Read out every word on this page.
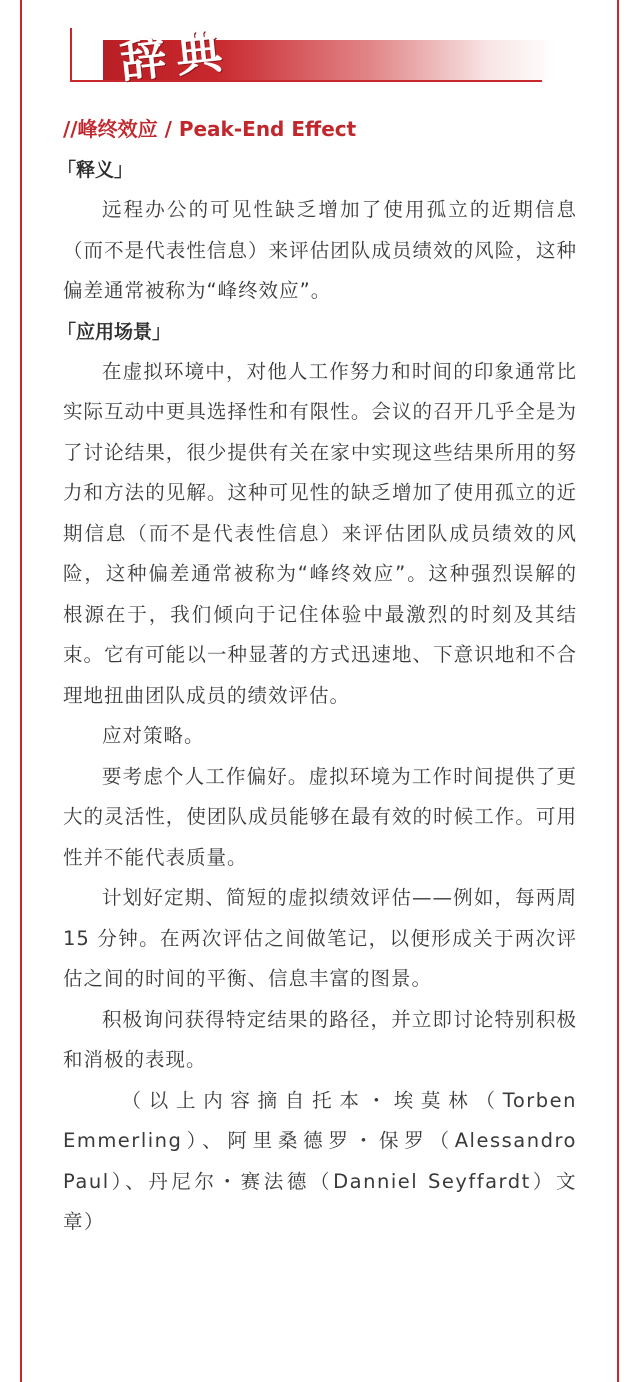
辞典
//峰终效应 / Peak-End Effect
「释义」

远程办公的可见性缺乏增加了使用孤立的近期信息（而不是代表性信息）来评估团队成员绩效的风险，这种偏差通常被称为“峰终效应”。

「应用场景」

在虚拟环境中，对他人工作努力和时间的印象通常比实际互动中更具选择性和有限性。会议的召开几乎全是为了讨论结果，很少提供有关在家中实现这些结果所用的努力和方法的见解。这种可见性的缺乏增加了使用孤立的近期信息（而不是代表性信息）来评估团队成员绩效的风险，这种偏差通常被称为“峰终效应”。这种强烈误解的根源在于，我们倾向于记住体验中最激烈的时刻及其结束。它有可能以一种显著的方式迅速地、下意识地和不合理地扭曲团队成员的绩效评估。

应对策略。

要考虑个人工作偏好。虚拟环境为工作时间提供了更大的灵活性，使团队成员能够在最有效的时候工作。可用性并不能代表质量。

计划好定期、简短的虚拟绩效评估——例如，每两周 15 分钟。在两次评估之间做笔记，以便形成关于两次评估之间的时间的平衡、信息丰富的图景。

积极询问获得特定结果的路径，并立即讨论特别积极和消极的表现。

（以上内容摘自托本・埃莫林（Torben Emmerling）、阿里桑德罗・保罗（Alessandro Paul）、丹尼尔・赛法德（Danniel Seyffardt）文章）
